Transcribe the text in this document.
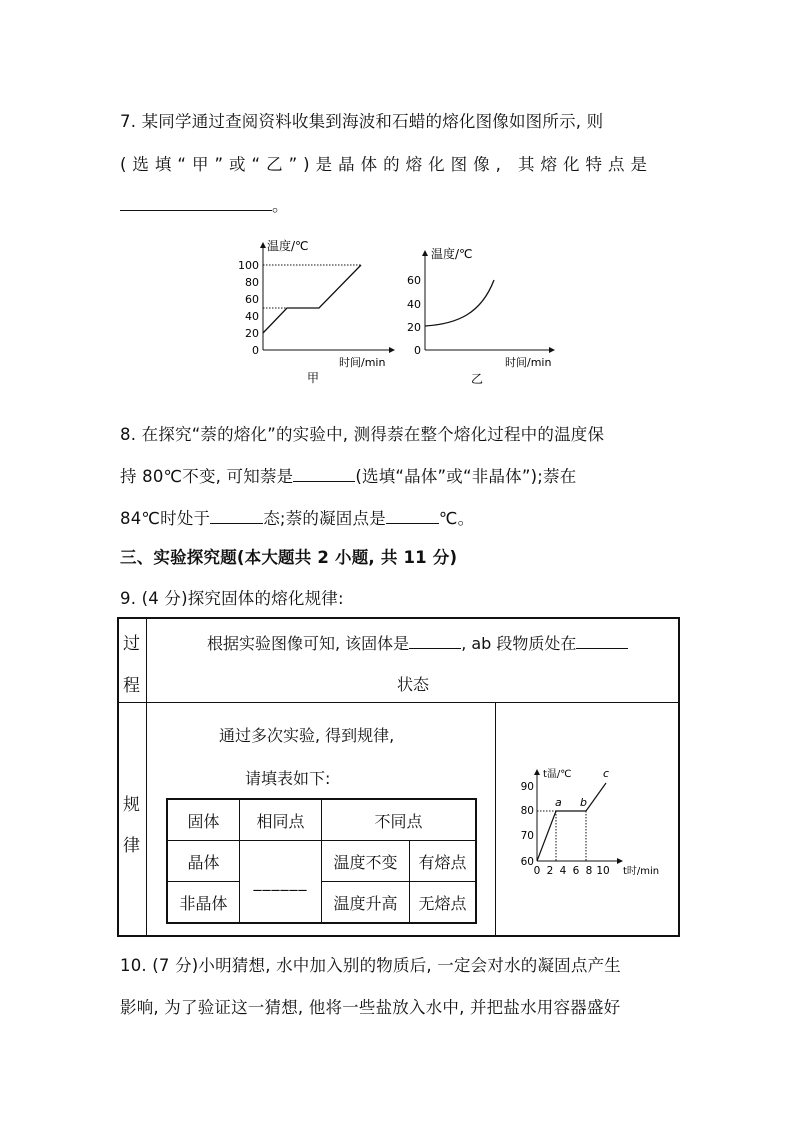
7. 某同学通过查阅资料收集到海波和石蜡的熔化图像如图所示, 则
(选填“甲”或“乙”)是晶体的熔化图像, 其熔化特点是
。
温度/℃
100
80
60
40
20
0
时间/min
甲
温度/℃
60
40
20
0
时间/min
乙
8. 在探究“萘的熔化”的实验中, 测得萘在整个熔化过程中的温度保
持 80℃不变, 可知萘是	(选填“晶体”或“非晶体”);萘在
84℃时处于	态;萘的凝固点是	℃。
三、实验探究题(本大题共 2 小题, 共 11 分)
9. (4 分)探究固体的熔化规律:
过
程
根据实验图像可知, 该固体是	, ab 段物质处在
状态
规
律
通过多次实验, 得到规律,
请填表如下:
固体	相同点	不同点	
晶体	______	温度不变	有熔点
非晶体		温度升高	无熔点
t温/℃
90
80
70
60
0 2 4 6 8 10 t时/min
a b
c
10. (7 分)小明猜想, 水中加入别的物质后, 一定会对水的凝固点产生
影响, 为了验证这一猜想, 他将一些盐放入水中, 并把盐水用容器盛好
